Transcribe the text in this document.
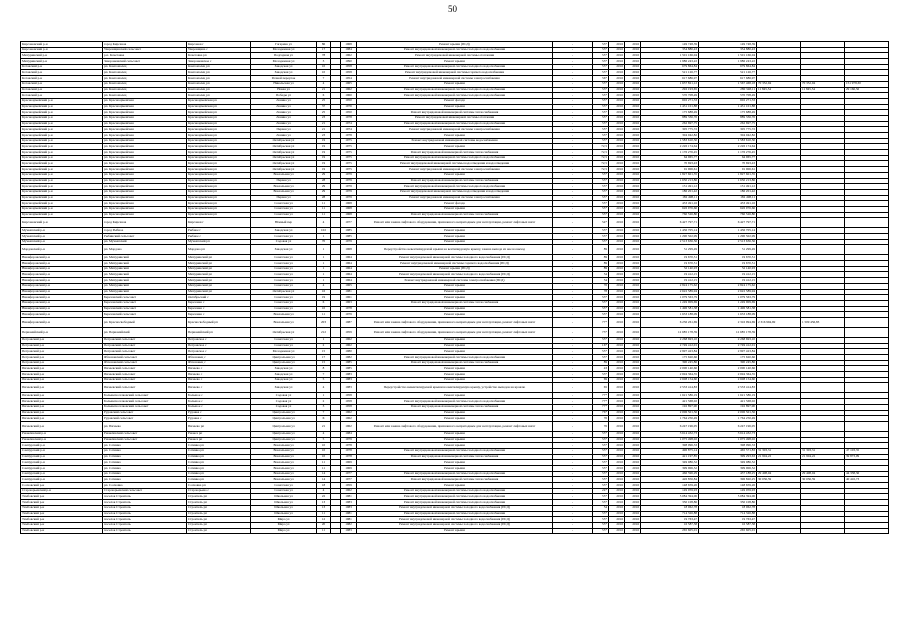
50
Кирсановский р-н	город Кирсанов	Кирсанов г	Гагарина ул	86		1968	Ремонт крыши (ПСД)	-	53*	2016	2016	149 748,39	149 748,39			
Кирсановский р-н	Уваровщинский сельсовет	Уваровщина с	Молодежная ул	17		1984	Ремонт внутридомовой инженерной системы холодного водоснабжения	-	53*	2016	2016	354 880,43	354 880,43			
Мичуринский р-н	р.п. Кочетовка	Кочетовка рп	Подгорная ул	78		1962	Ремонт внутридомовой инженерной системы отопления	-	55*	2016	2016	1 501 166,04	1 501 166,04			
Мичуринский р-н	Заворонежский сельсовет	Заворонежское с	Молодежная ул	3		1990	Ремонт крыши	-	53*	2016	2016	1 986 243,22	1 986 243,22			
Котовский р-н	рп. Комсомолец	Комсомолец рп	Заводская ул	10		1958	Ремонт внутридомовой инженерной системы холодного водоснабжения	-	55*	2016	2016	679 864,84	679 864,84			
Котовский р-н	рп. Комсомолец	Комсомолец рп	Заводская ул	10		1958	Ремонт внутридомовой инженерной системы горячего водоснабжения	-	55*	2016	2016	521 126,77	521 126,77			
Котовский р-н	рп. Комсомолец	Комсомолец рп	Речной переулок	7		1954	Ремонт внутридомовой инженерной системы электроснабжения	-	56*	2016	2016	617 686,97	617 686,97			
Котовский р-н	рп. Комсомолец	Комсомолец рп	Никольская ул	4		1965	Ремонт крыши	-	55*	2016	2016	1 637 821,12	1 567 468,18	70 352,94	70 352,94	151 978,30
Котовский р-н	рп. Комсомолец	Комсомолец рп	Новая ул	21		1962	Ремонт внутридомовой инженерной системы холодного водоснабжения	-	53*	2016	2016	292 193,65	280 348,11	11 845,54	11 845,54	29 166,56
Котовский р-н	рп. Комсомолец	Комсомолец рп	Победы ул	6		1960	Ремонт внутридомовой инженерной системы холодного водоснабжения	-	55*	2016	2016	570 708,49	570 708,49			
Красноармейский р-н	рп. Красноармейская	Красноармейская рп	Ленина ул	25		1950	Ремонт фасада	-	55*	2016	2016	602 271,33	602 271,33			
Красноармейский р-н	рп. Красноармейская	Красноармейская рп	Ленина ул	37		1976	Ремонт крыши	-	55*	2016	2016	1 431 101,88	1 431 101,88			
Красноармейский р-н	рп. Красноармейская	Красноармейская рп	Ленина ул	25		1950	Ремонт внутридомовой инженерной системы теплоснабжения	-	55*	2016	2016	175 688,49	175 688,49			
Красноармейский р-н	рп. Красноармейская	Красноармейская рп	Ленина ул	23		1978	Ремонт внутридомовой инженерной системы отопления	-	55*	2016	2016	889 336,76	889 336,76			
Красноармейский р-н	рп. Красноармейская	Красноармейская рп	Ленина ул	21		1974	Ремонт внутридомовой инженерной системы холодного водоснабжения	-	55*	2016	2016	262 697,75	262 697,75			
Красноармейский р-н	рп. Красноармейская	Красноармейская рп	Первая ул	21		1974	Ремонт внутридомовой инженерной системы электроснабжения	-	55*	2016	2016	305 775,72	305 775,72			
Красноармейский р-н	рп. Красноармейская	Красноармейская рп	Ленина ул	23		1978	Ремонт крыши	-	55*	2016	2016	304 042,82	304 042,82			
Красноармейский р-н	рп. Красноармейская	Красноармейская рп	Октябрьская ул	19		1975	Ремонт внутридомовой инженерной системы водоснабжения	-	55*	2016	2016	1 583 610,50	1 583 610,50			
Красноармейский р-н	рп. Красноармейская	Красноармейская рп	Октябрьская ул	19		1975	Ремонт крыши	-	72,5	2016	2016	2 226 174,64	2 226 174,64			
Красноармейский р-н	рп. Красноармейская	Красноармейская рп	Октябрьская ул	19		1975	Ремонт внутридомовой инженерной системы теплоснабжения	-	72,5	2016	2016	1 176 276,45	1 176 276,45			
Красноармейский р-н	рп. Красноармейская	Красноармейская рп	Октябрьская ул	19		1975	Ремонт внутридомовой инженерной системы холодного водоснабжения	-	72,5	2016	2016	64 965,77	64 965,77			
Красноармейский р-н	рп. Красноармейская	Красноармейская рп	Октябрьская ул	19		1975	Ремонт внутридомовой инженерной системы водоотведения и водоотведения	-	72,5	2016	2016	70 693,43	70 693,43			
Красноармейский р-н	рп. Красноармейская	Красноармейская рп	Октябрьская ул	19		1975	Ремонт внутридомовой инженерной системы электроснабжения	-	72,5	2016	2016	91 906,61	91 906,61			
Красноармейский р-н	рп. Красноармейская	Красноармейская рп	Вокзальная ул	29		1979	Ремонт крыши	-	55*	2016	2016	1 827 601,35	1 827 601,35			
Красноармейский р-н	рп. Красноармейская	Красноармейская рп	Первая ул	28		1979	Ремонт внутридомовой инженерной системы теплоснабжения	-	55*	2016	2016	1 650 213,86	1 650 213,86			
Красноармейский р-н	рп. Красноармейская	Красноармейская рп	Вокзальная ул	29		1979	Ремонт внутридомовой инженерной системы холодного водоснабжения	-	55*	2016	2016	131 491,12	131 491,12			
Красноармейский р-н	рп. Красноармейская	Красноармейская рп	Вокзальная ул	29		1979	Ремонт внутридомовой инженерной системы водоотведения и водоотведения	-	55*	2016	2016	186 201,42	186 201,42			
Красноармейский р-н	рп. Красноармейская	Красноармейская рп	Первая ул	28		1979	Ремонт внутридомовой инженерной системы электроснабжения	-	55*	2016	2016	182 498,11	182 498,11			
Красноармейский р-н	рп. Красноармейская	Красноармейская рп	Советская ул	11		1968	Ремонт фасада	-	55*	2016	2016	433 491,16	433 491,16			
Красноармейский р-н	рп. Красноармейская	Красноармейская рп	Советская ул	11		1968	Ремонт крыши	-	55*	2016	2016	626 976,66	626 976,66			
Красноармейский р-н	рп. Красноармейская	Красноармейская рп	Советская ул	11		1968	Ремонт внутридомовой инженерной системы теплоснабжения	-	55*	2016	2016	760 526,80	760 526,80			
Кирсановский р-н	город Кирсанов	Кирсанов г	Южный пер	4		1977	Ремонт или замена лифтового оборудования, признанного непригодным для эксплуатации, ремонт лифтовых шахт	-	54*	2016	2016	6 427 797,71	6 427 797,71			
Мучкапский р-н	город Рыбное	Рыбное г	Заводская ул	102		1985	Ремонт крыши	-	55*	2016	2016	1 436 705,14	1 436 705,14			
Мучкапский р-н	Рыбинский сельсовет	Рыбное с	Советская ул	1		1985	Ремонт крыши	-	55*	2016	2016	1 290 502,99	1 290 502,99			
Мучкапский р-н	рп. Мучкапский	Мучкапский рп	Садовая ул	70		1979	Ремонт крыши	-	55*	2016	2016	2 513 636,56	2 513 636,56			
Мордовский р-н	рп. Мордово	Мордово рп	Заводская ул	1		1968	Переустройство невентилируемой крыши на вентилируемую крышу, замена выхода из нее на выход	-	89	2016	2016	51 299,49	51 299,49			
Никифоровский р-н	рп. Мичуринский	Мичуринский рп	Советская ул	1		1964	Ремонт внутридомовой инженерной системы холодного водоснабжения (ПСД)	-	89	2016	2016	19 670,51	19 670,51			
Никифоровский р-н	рп. Мичуринский	Мичуринский рп	Советская ул	1		1964	Ремонт внутридомовой инженерной системы горячего водоснабжения (ПСД)	-	89	2016	2016	19 670,51	19 670,51			
Никифоровский р-н	рп. Мичуринский	Мичуринский рп	Советская ул	1		1964	Ремонт крыши (ПСД)	-	89	2016	2016	52 140,93	52 140,93			
Никифоровский р-н	рп. Мичуринский	Мичуринский рп	Советская ул	1		1964	Ремонт внутридомовой инженерной системы холодного водоснабжения (ПСД)	-	54	2016	2016	19 412,15	19 412,15			
Никифоровский р-н	рп. Мичуринский	Мичуринский рп	Советская ул	1		1964	Ремонт внутридомовой инженерной системы электроснабжения (ПСД)	-	54	2016	2016	19 412,15	19 412,15			
Никифоровский р-н	рп. Мичуринский	Мичуринский рп	Советская ул	4		1965	Ремонт крыши	-	76	2016	2016	2 824 175,62	2 824 175,62			
Никифоровский р-н	рп. Мичуринский	Мичуринский рп	Октябрьская ул	16		1981	Ремонт крыши	-	78	2016	2016	2 622 589,94	2 622 589,94			
Никифоровский р-н	Березовский сельсовет	Октябрьский с	Советская ул	19		1961	Ремонт крыши	-	53*	2016	2016	1 079 563,79	1 079 563,79			
Никифоровский р-н	Березовский сельсовет	Березовка с	Советская ул	6		1963	Ремонт внутридомовой инженерной системы теплоснабжения	-	55*	2016	2016	1 249 909,69	1 249 909,69			
Никифоровский р-н	Березовский сельсовет	Березовка с	Советская ул	10		1978	Ремонт крыши	-	55*	2016	2016	1 496 581,38	1 496 581,38			
Никифоровский р-н	Березовский сельсовет	Березовка с	Вокзальная ул	11		1979	Ремонт крыши	-	55*	2016	2016	1 633 188,09	1 633 188,09			
Никифоровский р-н	рп. Красносвободный	Красносвободный рп	Вокзальная ул	203		1987	Ремонт или замена лифтового оборудования, признанного непригодным для эксплуатации, ремонт лифтовых шахт	-	77*	2016	2016	6 236 261,69	2 316 994,69	2 316 994,69	1 509 456,83	
Первомайский р-н	рп. Первомайский	Первомайский рп	Октябрьская ул	212		1959	Ремонт или замена лифтового оборудования, признанного непригодным для эксплуатации, ремонт лифтовых шахт	-	73*	2016	2016	12 685 178,39	12 685 178,39			
Петровский р-н	Петровский сельсовет	Петровское с	Советская ул	1		1962	Ремонт крыши	-	55*	2016	2016	2 268 693,10	2 268 693,10			
Петровский р-н	Петровский сельсовет	Петровское с	Советская ул	2		1962	Ремонт крыши	-	16*	2016	2016	2 749 412,01	2 749 412,01			
Петровский р-н	Петровский сельсовет	Петровское с	Молодежная ул	15		1980	Ремонт крыши	-	55*	2016	2016	2 997 423,84	2 997 423,84			
Петровский р-н	Яблоновский сельсовет	Яблоновец с	Центральная ул	17		1982	Ремонт внутридомовой инженерной системы холодного водоснабжения	-	55*	2016	2016	175 620,66	175 620,66			
Петровский р-н	Яблоновский сельсовет	Яблоновец с	Центральная ул	15		1985	Ремонт внутридомовой инженерной системы теплоснабжения	-	89	2016	2016	390 245,86	390 245,86			
Пичаевский р-н	Пичаевский сельсовет	Пичаево с	Заводская ул	8		1985	Ремонт крыши	-	43	2016	2016	2 000 140,66	2 000 140,66			
Пичаевский р-н	Пичаевский сельсовет	Пичаево с	Заводская ул	7		1983	Ремонт крыши	-	53*	2016	2016	2 694 364,35	2 694 364,35			
Пичаевский р-н	Пичаевский сельсовет	Пичаево с	Заводская ул	5		1983	Ремонт крыши	-	69	2016	2016	2 608 154,60	2 608 154,60			
Пичаевский р-н	Пичаевский сельсовет	Пичаево с	Заводская ул	4		1983	Переустройство невентилируемой крыши на вентилируемую крышу, устройство выходов на кровлю	-	65	2016	2016	2 533 414,83	2 533 414,83			
Пичаевский р-н	Большепоселковский сельсовет	Большое с	Садовая ул	1		1958	Ремонт крыши	-	77*	2016	2016	1 621 586,19	1 621 586,19			
Пичаевский р-н	Большепоселковский сельсовет	Большое с	Садовая ул	2		1958	Ремонт внутридомовой инженерной системы холодного водоснабжения	-	77*	2016	2016	421 568,02	421 568,02			
Пичаевский р-н	Большепоселковский сельсовет	Большое с	Садовая ул	3		1958	Ремонт внутридомовой инженерной системы теплоснабжения	-	77*	2016	2016	192 897,90	192 897,90			
Пичаевский р-н	Рудовский сельсовет	Рудовка с	Центральная ул	7		1962	Ремонт крыши	-	76*	2016	2016	2 006 501,56	2 006 501,56			
Пичаевский р-н	Рудовский сельсовет	Рудовка с	Центральная ул	X		1962	Ремонт крыши	-	76	2016	2016	1 764 250,49	1 764 250,49			
Пичаевский р-н	рп. Пичаево	Пичаево рп	Центральная ул	21		1962	Ремонт или замена лифтового оборудования, признанного непригодным для эксплуатации, ремонт лифтовых шахт	-	76	2016	2016	6 247 196,05	6 247 196,05			
Ржаксинский р-н	Ржаксинский сельсовет	Ржакса рп	Центральная ул	4		1984	Ремонт крыши	-	55*	2016	2016	3 614 432,73	3 614 432,73			
Ржаксинский р-н	Ржаксинский сельсовет	Ржакса рп	Центральная ул	5		1979	Ремонт крыши	-	53*	2016	2016	1 075 498,02	1 075 498,02			
Сампурский р-н	рп. Сатинка	Сатинка рп	Вокзальная ул	10		1978	Ремонт крыши	-	55*	2016	2016	398 096,33	398 096,33			
Сампурский р-н	рп. Сатинка	Сатинка рп	Вокзальная ул	10		1978	Ремонт внутридомовой инженерной системы холодного водоснабжения	-	55*	2016	2016	496 875,14	465 571,83	31 303,31	31 303,31	47 103,35
Сампурский р-н	рп. Сатинка	Сатинка рп	Вокзальная ул	10		1978	Ремонт внутридомовой инженерной системы теплоснабжения	-	55*	2016	2016	421 197,85	399 293,63	21 904,22	21 904,22	39 873,09
Сампурский р-н	рп. Сатинка	Сатинка рп	Вокзальная ул	11		1969	Ремонт крыши	-	55*	2016	2016	349 086,52	349 086,52			
Сампурский р-н	рп. Сатинка	Сатинка рп	Вокзальная ул	11		1969	Ремонт крыши	-	55*	2016	2016	399 906,52	399 906,52			
Сампурский р-н	рп. Сатинка	Сатинка рп	Вокзальная ул	14		1977	Ремонт внутридомовой инженерной системы холодного водоснабжения	-	55*	2016	2016	466 596,29	437 188,25	29 408,04	29 408,04	44 338,36
Сампурский р-н	рп. Сатинка	Сатинка рп	Вокзальная ул	14		1977	Ремонт внутридомовой инженерной системы теплоснабжения	-	55*	2016	2016	426 856,84	396 820,25	30 036,59	30 036,59	40 416,73
Сосновский р-н	рп. Сосновка	Сосновка рп	Советская ул	18		1959	Ремонт крыши	-	55*	2016	2016	148 659,26	148 659,26			
Староюрьевский р-н	Староюрьевский сельсовет	Староюрьево с	Советская ул	4		1962	Ремонт внутридомовой инженерной системы холодного водоснабжения	-	24*	2016	2016	149 059,93	149 059,93			
Тамбовский р-н	поселок Строитель	Строитель рп	Школьная ул	22		1981	Ремонт внутридомовой инженерной системы холодного водоснабжения	-	55*	2016	2016	5 084 394,06	5 084 394,06			
Тамбовский р-н	поселок Строитель	Строитель рп	Школьная ул	13		1983	Ремонт внутридомовой инженерной системы холодного водоснабжения	-	55*	2016	2016	350 108,86	350 108,86			
Тамбовский р-н	поселок Строитель	Строитель рп	Школьная ул	13		1983	Ремонт внутридомовой инженерной системы холодного водоснабжения (ПСД)	-	54	2016	2016	18 062,78	18 062,78			
Тамбовский р-н	поселок Строитель	Строитель рп	Школьная ул	11		1981	Ремонт внутридомовой инженерной системы холодного водоснабжения	-	55*	2016	2016	714 326,88	714 326,88			
Тамбовский р-н	поселок Строитель	Строитель рп	Мира ул	12		1981	Ремонт внутридомовой инженерной системы холодного водоснабжения (ПСД)	-	55*	2016	2016	19 763,47	19 763,47			
Тамбовский р-н	поселок Строитель	Строитель рп	Мира ул	20		1982	Ремонт внутридомовой инженерной системы холодного водоснабжения (ПСД)	-	55*	2016	2016	16 587,58	16 587,58			
Тамбовский р-н	поселок Строитель	Строитель рп	Мира ул	11		1983	Ремонт крыши	-	55*	2016	2016	265 605,01	265 605,01			
